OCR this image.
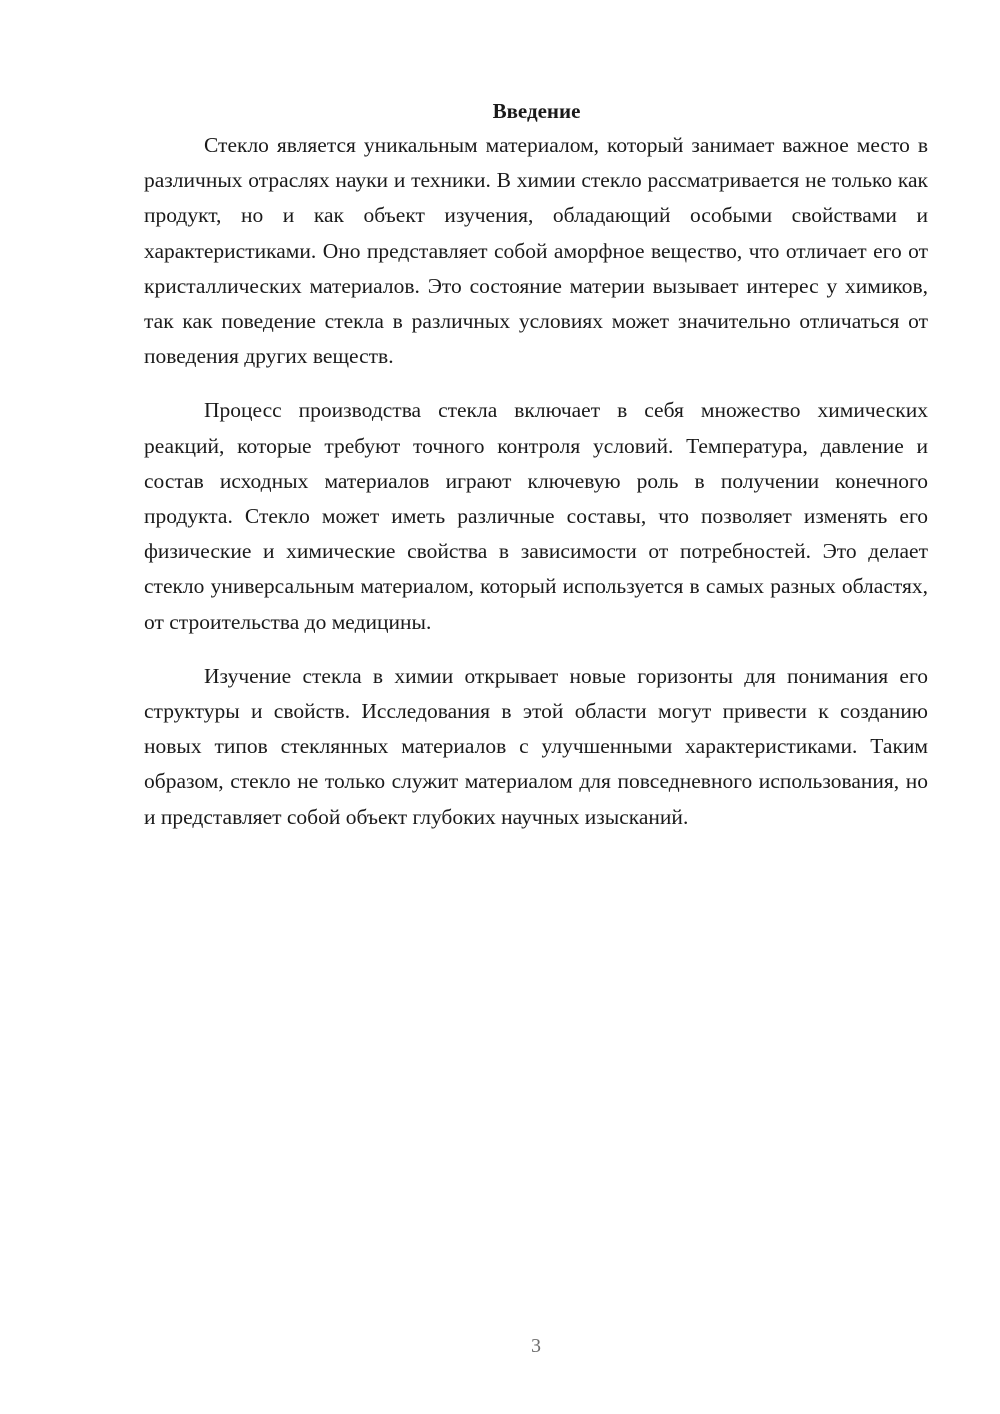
Введение

Стекло является уникальным материалом, который занимает важное место в различных отраслях науки и техники. В химии стекло рассматривается не только как продукт, но и как объект изучения, обладающий особыми свойствами и характеристиками. Оно представляет собой аморфное вещество, что отличает его от кристаллических материалов. Это состояние материи вызывает интерес у химиков, так как поведение стекла в различных условиях может значительно отличаться от поведения других веществ.

Процесс производства стекла включает в себя множество химических реакций, которые требуют точного контроля условий. Температура, давление и состав исходных материалов играют ключевую роль в получении конечного продукта. Стекло может иметь различные составы, что позволяет изменять его физические и химические свойства в зависимости от потребностей. Это делает стекло универсальным материалом, который используется в самых разных областях, от строительства до медицины.

Изучение стекла в химии открывает новые горизонты для понимания его структуры и свойств. Исследования в этой области могут привести к созданию новых типов стеклянных материалов с улучшенными характеристиками. Таким образом, стекло не только служит материалом для повседневного использования, но и представляет собой объект глубоких научных изысканий.

3
